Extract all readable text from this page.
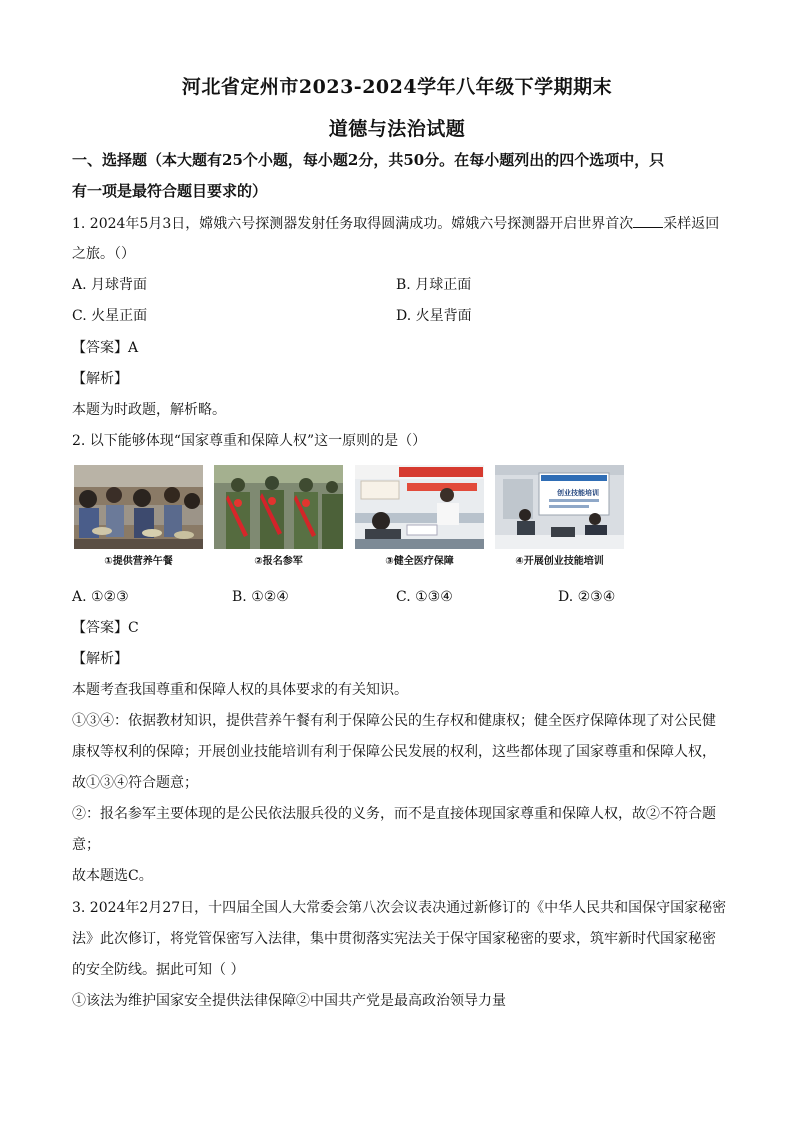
河北省定州市2023-2024学年八年级下学期期末
道德与法治试题
一、选择题（本大题有25个小题，每小题2分，共50分。在每小题列出的四个选项中，只
有一项是最符合题目要求的）
1. 2024年5月3日，嫦娥六号探测器发射任务取得圆满成功。嫦娥六号探测器开启世界首次 采样返回
之旅。（）
A. 月球背面	B. 月球正面
C. 火星正面	D. 火星背面
【答案】A
【解析】
本题为时政题，解析略。
2. 以下能够体现“国家尊重和保障人权”这一原则的是（）
①提供营养午餐	②报名参军	③健全医疗保障
创业技能培训
④开展创业技能培训
A. ①②③	B. ①②④	C. ①③④	D. ②③④
【答案】C
【解析】
本题考查我国尊重和保障人权的具体要求的有关知识。
①③④：依据教材知识，提供营养午餐有利于保障公民的生存权和健康权；健全医疗保障体现了对公民健
康权等权利的保障；开展创业技能培训有利于保障公民发展的权利，这些都体现了国家尊重和保障人权，
故①③④符合题意；
②：报名参军主要体现的是公民依法服兵役的义务，而不是直接体现国家尊重和保障人权，故②不符合题
意；
故本题选C。
3. 2024年2月27日，十四届全国人大常委会第八次会议表决通过新修订的《中华人民共和国保守国家秘密
法》此次修订，将党管保密写入法律，集中贯彻落实宪法关于保守国家秘密的要求，筑牢新时代国家秘密
的安全防线。据此可知（ ）
①该法为维护国家安全提供法律保障②中国共产党是最高政治领导力量
